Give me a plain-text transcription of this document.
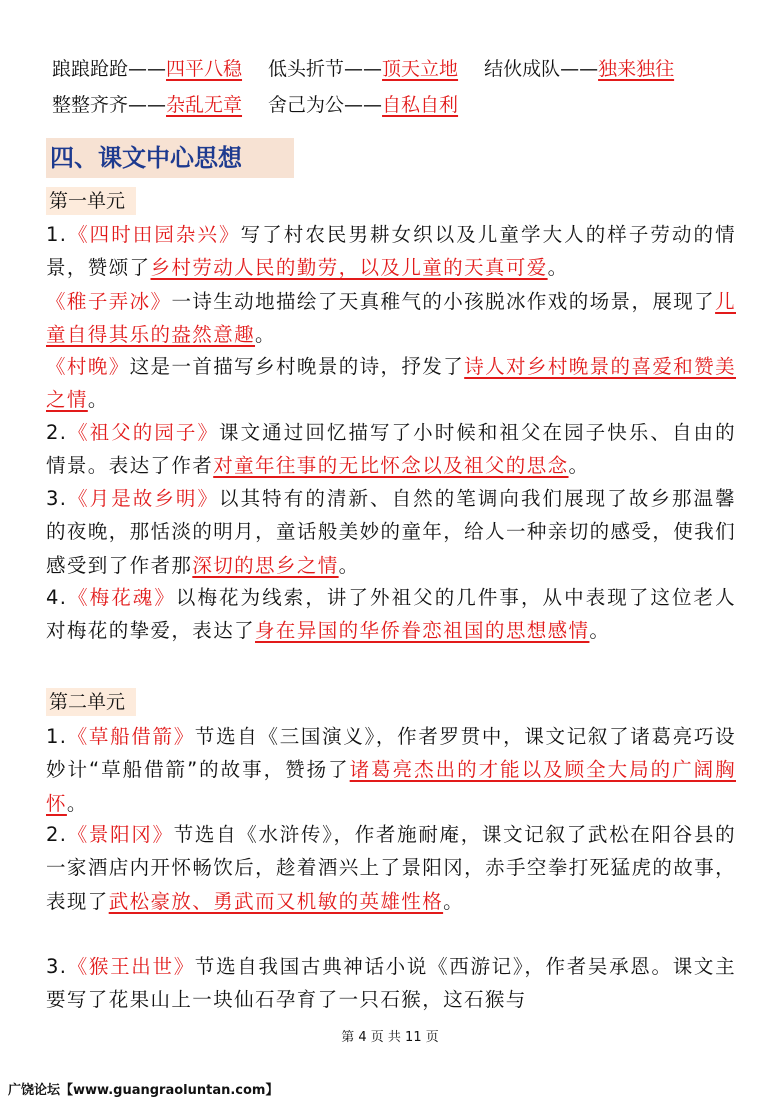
踉踉跄跄——四平八稳 低头折节——顶天立地 结伙成队——独来独往
整整齐齐——杂乱无章 舍己为公——自私自利
四、课文中心思想
第一单元
1.《四时田园杂兴》写了村农民男耕女织以及儿童学大人的样子劳动的情景，赞颂了乡村劳动人民的勤劳，以及儿童的天真可爱。
《稚子弄冰》一诗生动地描绘了天真稚气的小孩脱冰作戏的场景，展现了儿童自得其乐的盎然意趣。
《村晚》这是一首描写乡村晚景的诗，抒发了诗人对乡村晚景的喜爱和赞美之情。
2.《祖父的园子》课文通过回忆描写了小时候和祖父在园子快乐、自由的情景。表达了作者对童年往事的无比怀念以及祖父的思念。
3.《月是故乡明》以其特有的清新、自然的笔调向我们展现了故乡那温馨的夜晚，那恬淡的明月，童话般美妙的童年，给人一种亲切的感受，使我们感受到了作者那深切的思乡之情。
4.《梅花魂》以梅花为线索，讲了外祖父的几件事，从中表现了这位老人对梅花的挚爱，表达了身在异国的华侨眷恋祖国的思想感情。
第二单元
1.《草船借箭》节选自《三国演义》，作者罗贯中，课文记叙了诸葛亮巧设妙计“草船借箭”的故事，赞扬了诸葛亮杰出的才能以及顾全大局的广阔胸怀。
2.《景阳冈》节选自《水浒传》，作者施耐庵，课文记叙了武松在阳谷县的一家酒店内开怀畅饮后，趁着酒兴上了景阳冈，赤手空拳打死猛虎的故事，表现了武松豪放、勇武而又机敏的英雄性格。
3.《猴王出世》节选自我国古典神话小说《西游记》，作者吴承恩。课文主要写了花果山上一块仙石孕育了一只石猴，这石猴与
第 4 页 共 11 页
广饶论坛【www.guangraoluntan.com】
